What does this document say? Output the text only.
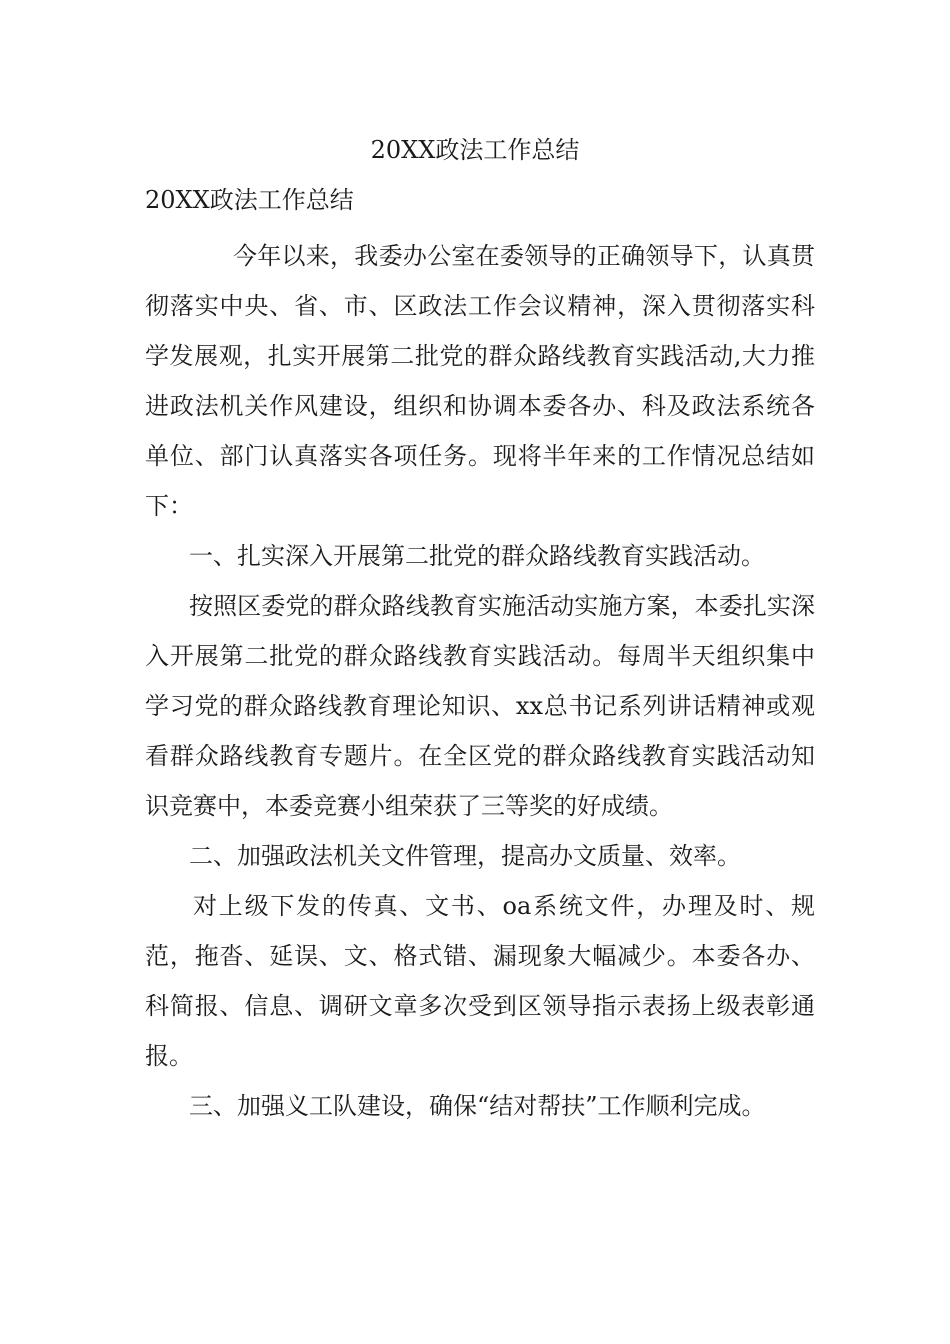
20XX政法工作总结
20XX政法工作总结

今年以来，我委办公室在委领导的正确领导下，认真贯彻落实中央、省、市、区政法工作会议精神，深入贯彻落实科学发展观，扎实开展第二批党的群众路线教育实践活动,大力推进政法机关作风建设，组织和协调本委各办、科及政法系统各单位、部门认真落实各项任务。现将半年来的工作情况总结如下：

一、扎实深入开展第二批党的群众路线教育实践活动。

按照区委党的群众路线教育实施活动实施方案，本委扎实深入开展第二批党的群众路线教育实践活动。每周半天组织集中学习党的群众路线教育理论知识、xx总书记系列讲话精神或观看群众路线教育专题片。在全区党的群众路线教育实践活动知识竞赛中，本委竞赛小组荣获了三等奖的好成绩。

二、加强政法机关文件管理，提高办文质量、效率。

对上级下发的传真、文书、oa系统文件，办理及时、规范，拖沓、延误、文、格式错、漏现象大幅减少。本委各办、科简报、信息、调研文章多次受到区领导指示表扬上级表彰通报。

三、加强义工队建设，确保“结对帮扶”工作顺利完成。
